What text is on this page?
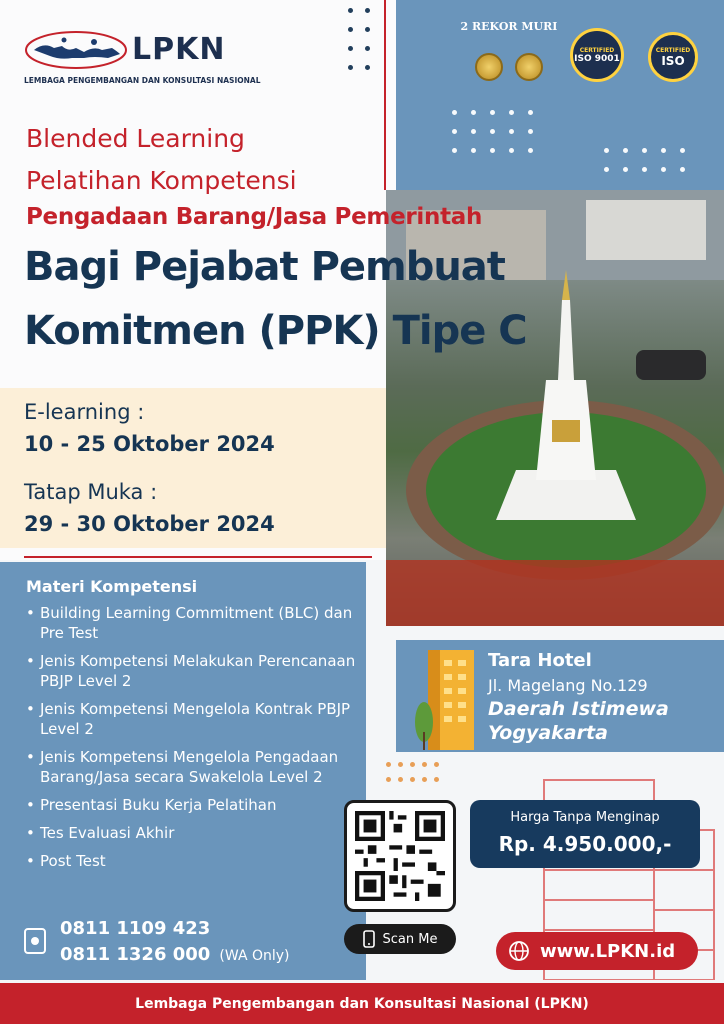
LPKN
LEMBAGA PENGEMBANGAN DAN KONSULTASI NASIONAL
2 REKOR MURI
CERTIFIED
ISO 9001
CERTIFIED
ISO
Blended Learning
Pelatihan Kompetensi
Pengadaan Barang/Jasa Pemerintah
Bagi Pejabat Pembuat
Komitmen (PPK) Tipe C
E-learning :
10 - 25 Oktober 2024
Tatap Muka :
29 - 30 Oktober 2024
Materi Kompetensi
• Building Learning Commitment (BLC) dan Pre Test
• Jenis Kompetensi Melakukan Perencanaan PBJP Level 2
• Jenis Kompetensi Mengelola Kontrak PBJP Level 2
• Jenis Kompetensi Mengelola Pengadaan Barang/Jasa secara Swakelola Level 2
• Presentasi Buku Kerja Pelatihan
• Tes Evaluasi Akhir
• Post Test
0811 1109 423
0811 1326 000 (WA Only)
Tara Hotel
Jl. Magelang No.129
Daerah Istimewa
Yogyakarta
Scan Me
Harga Tanpa Menginap
Rp. 4.950.000,-
www.LPKN.id
Lembaga Pengembangan dan Konsultasi Nasional (LPKN)
